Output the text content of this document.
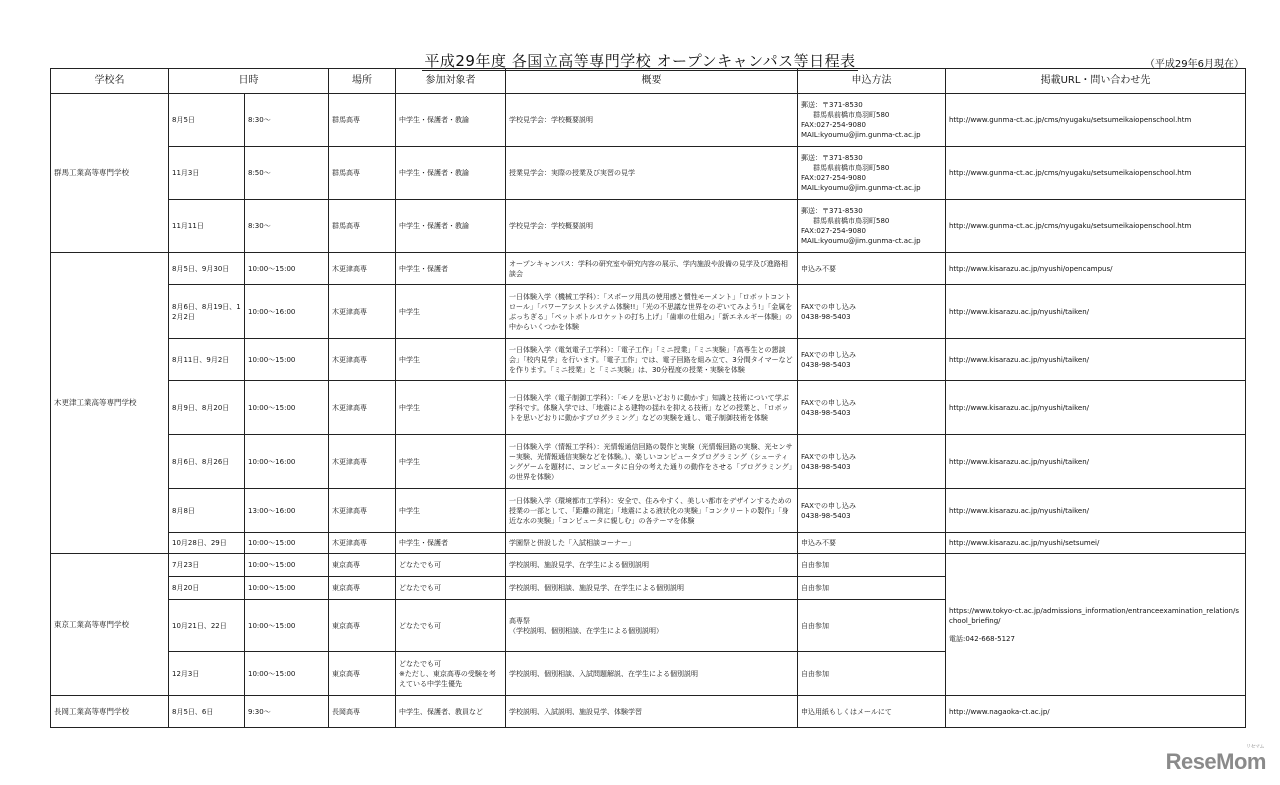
平成29年度 各国立高等専門学校 オープンキャンパス等日程表	（平成29年6月現在）
学校名	日時		場所	参加対象者	概要	申込方法	掲載URL・問い合わせ先
群馬工業高等専門学校	8月5日	8:30～	群馬高専	中学生・保護者・教諭	学校見学会：学校概要説明	郵送：〒371-8530
群馬県前橋市鳥羽町580
FAX:027-254-9080
MAIL:kyoumu@jim.gunma-ct.ac.jp	http://www.gunma-ct.ac.jp/cms/nyugaku/setsumeikaiopenschool.htm
	11月3日	8:50～	群馬高専	中学生・保護者・教諭	授業見学会：実際の授業及び実習の見学	郵送：〒371-8530
群馬県前橋市鳥羽町580
FAX:027-254-9080
MAIL:kyoumu@jim.gunma-ct.ac.jp	http://www.gunma-ct.ac.jp/cms/nyugaku/setsumeikaiopenschool.htm
	11月11日	8:30～	群馬高専	中学生・保護者・教諭	学校見学会：学校概要説明	郵送：〒371-8530
群馬県前橋市鳥羽町580
FAX:027-254-9080
MAIL:kyoumu@jim.gunma-ct.ac.jp	http://www.gunma-ct.ac.jp/cms/nyugaku/setsumeikaiopenschool.htm
木更津工業高等専門学校	8月5日、9月30日	10:00～15:00	木更津高専	中学生・保護者	オープンキャンパス：学科の研究室や研究内容の展示、学内施設や設備の見学及び進路相談会	申込み不要	http://www.kisarazu.ac.jp/nyushi/opencampus/
	8月6日、8月19日、12月2日	10:00～16:00	木更津高専	中学生	一日体験入学（機械工学科）：「スポーツ用具の使用感と慣性モーメント」「ロボットコントロール」「パワーアシストシステム体験!!」「光の不思議な世界をのぞいてみよう!」「金属をぶっちぎる」「ペットボトルロケットの打ち上げ」「歯車の仕組み」「新エネルギー体験」の中からいくつかを体験	FAXでの申し込み
0438-98-5403	http://www.kisarazu.ac.jp/nyushi/taiken/
	8月11日、9月2日	10:00～15:00	木更津高専	中学生	一日体験入学（電気電子工学科）：「電子工作」「ミニ授業」「ミニ実験」「高専生との懇談会」「校内見学」を行います。「電子工作」では、電子回路を組み立て、3分間タイマーなどを作ります。「ミニ授業」と「ミニ実験」は、30分程度の授業・実験を体験	FAXでの申し込み
0438-98-5403	http://www.kisarazu.ac.jp/nyushi/taiken/
	8月9日、8月20日	10:00～15:00	木更津高専	中学生	一日体験入学（電子制御工学科）：「モノを思いどおりに動かす」知識と技術について学ぶ学科です。体験入学では、「地震による建物の揺れを抑える技術」などの授業と、「ロボットを思いどおりに動かすプログラミング」などの実験を通し、電子制御技術を体験	FAXでの申し込み
0438-98-5403	http://www.kisarazu.ac.jp/nyushi/taiken/
	8月6日、8月26日	10:00～16:00	木更津高専	中学生	一日体験入学（情報工学科）：光情報通信回路の製作と実験（光情報回路の実験、光センサー実験、光情報通信実験などを体験。）、楽しいコンピュータプログラミング（シューティングゲームを題材に、コンピュータに自分の考えた通りの動作をさせる「プログラミング」の世界を体験）	FAXでの申し込み
0438-98-5403	http://www.kisarazu.ac.jp/nyushi/taiken/
	8月8日	13:00～16:00	木更津高専	中学生	一日体験入学（環境都市工学科）：安全で、住みやすく、美しい都市をデザインするための授業の一部として、「距離の測定」「地震による液状化の実験」「コンクリートの製作」「身近な水の実験」「コンピュータに親しむ」の各テーマを体験	FAXでの申し込み
0438-98-5403	http://www.kisarazu.ac.jp/nyushi/taiken/
	10月28日、29日	10:00～15:00	木更津高専	中学生・保護者	学園祭と併設した「入試相談コーナー」	申込み不要	http://www.kisarazu.ac.jp/nyushi/setsumei/
東京工業高等専門学校	7月23日	10:00～15:00	東京高専	どなたでも可	学校説明、施設見学、在学生による個別説明	自由参加	https://www.tokyo-ct.ac.jp/admissions_information/entranceexamination_relation/school_briefing/
電話:042-668-5127

	8月20日	10:00～15:00	東京高専	どなたでも可	学校説明、個別相談、施設見学、在学生による個別説明	自由参加	
	10月21日、22日	10:00～15:00	東京高専	どなたでも可	高専祭
（学校説明、個別相談、在学生による個別説明）	自由参加	
	12月3日	10:00～15:00	東京高専	どなたでも可
※ただし、東京高専の受験を考えている中学生優先	学校説明、個別相談、入試問題解説、在学生による個別説明	自由参加	
長岡工業高等専門学校	8月5日、6日	9:30～	長岡高専	中学生、保護者、教員など	学校説明、入試説明、施設見学、体験学習	申込用紙もしくはメールにて	http://www.nagaoka-ct.ac.jp/
ReseMom
リセマム
